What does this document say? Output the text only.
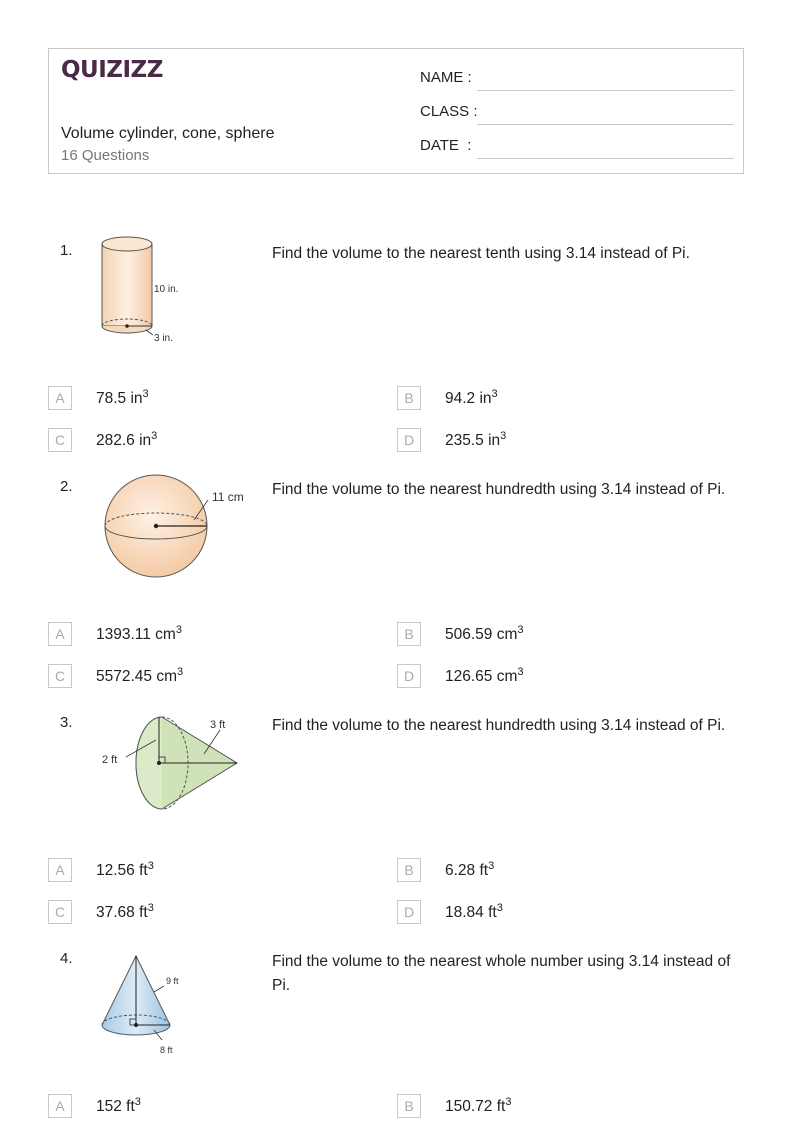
QUIZIZZ
Volume cylinder, cone, sphere
16 Questions
NAME :
CLASS :
DATE  :
1.
10 in.
3 in.
Find the volume to the nearest tenth using 3.14 instead of Pi.
A	78.5 $in^3$	B	94.2 $in^3$
C	282.6 $in^3$	D	235.5 $in^3$
2.
11 cm Find the volume to the nearest hundredth using 3.14 instead of Pi.
A	1393.11 $cm^3$	B	506.59 $cm^3$
C	5572.45 $cm^3$	D	126.65 $cm^3$
3.
2 ft
3 ft	Find the volume to the nearest hundredth using 3.14 instead of Pi.
A	12.56 $ft^3$	B	6.28 $ft^3$
C	37.68 $ft^3$	D	18.84 $ft^3$
4.
9 ft
8 ft
Find the volume to the nearest whole number using 3.14 instead of Pi.
A	152 $ft^3$	B	150.72 $ft^3$
